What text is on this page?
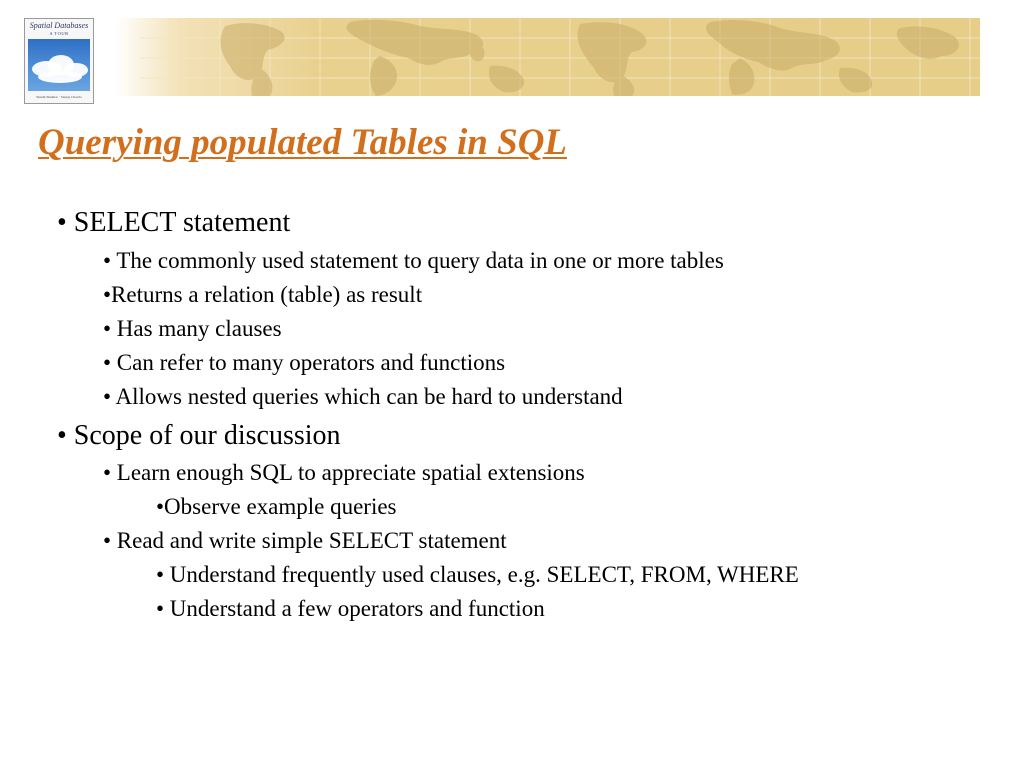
Spatial Databases
A TOUR
Shashi Shekhar · Sanjay Chawla
Querying populated Tables in SQL
• SELECT statement
• The commonly used statement to query data in one or more tables
•Returns a relation (table) as result
• Has many clauses
• Can refer to many operators and functions
• Allows nested queries which can be hard to understand
• Scope of our discussion
• Learn enough SQL to appreciate spatial extensions
•Observe example queries
• Read and write simple SELECT statement
• Understand frequently used clauses, e.g. SELECT, FROM, WHERE
• Understand a few operators and function
